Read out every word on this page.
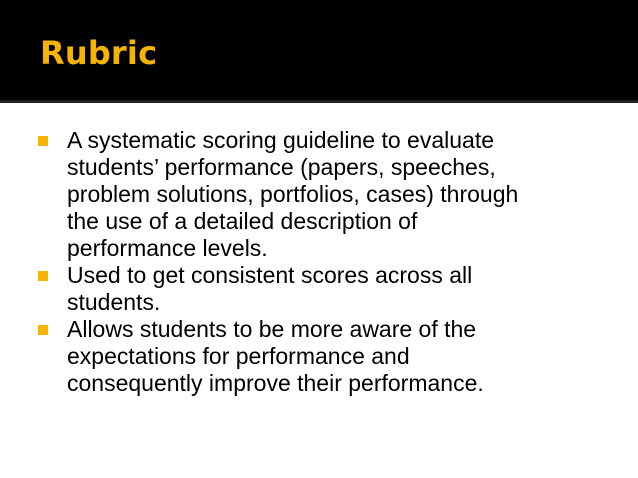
Rubric
A systematic scoring guideline to evaluate
students’ performance (papers, speeches,
problem solutions, portfolios, cases) through
the use of a detailed description of
performance levels.
Used to get consistent scores across all
students.
Allows students to be more aware of the
expectations for performance and
consequently improve their performance.
